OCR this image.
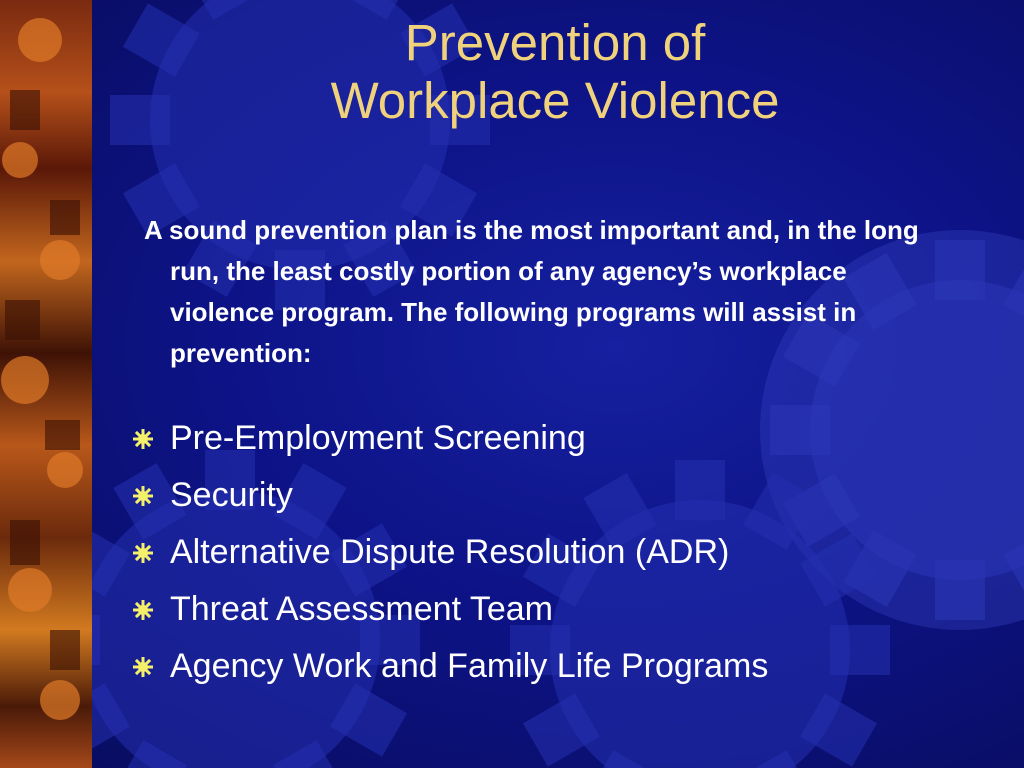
Prevention of
Workplace Violence
A sound prevention plan is the most important and, in the long run, the least costly portion of any agency’s workplace violence program. The following programs will assist in prevention:
Pre-Employment Screening
Security
Alternative Dispute Resolution (ADR)
Threat Assessment Team
Agency Work and Family Life Programs
